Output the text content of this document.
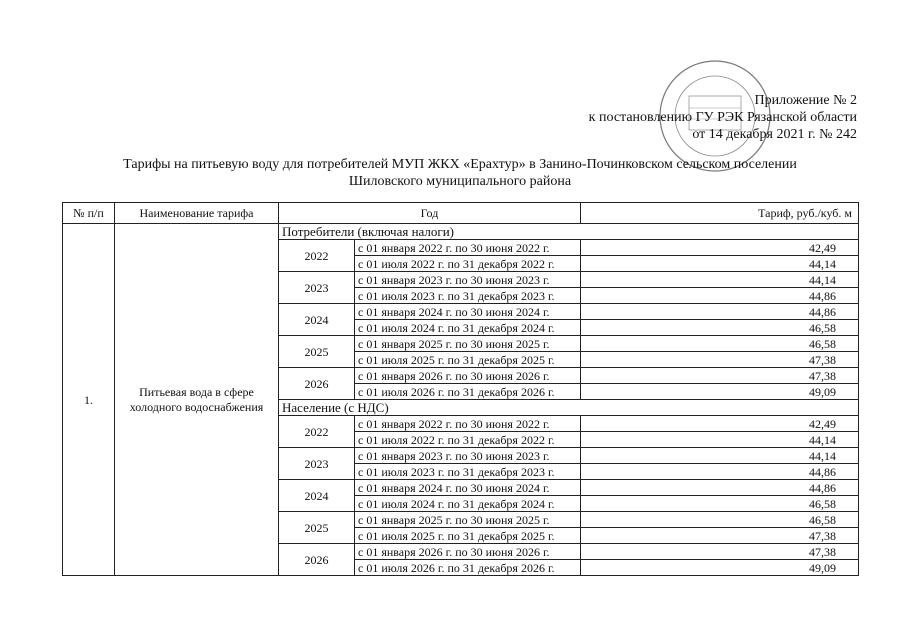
Приложение № 2
к постановлению ГУ РЭК Рязанской области
от 14 декабря 2021 г. № 242
Тарифы на питьевую воду для потребителей МУП ЖКХ «Ерахтур» в Занино-Починковском сельском поселении
Шиловского муниципального района
№ п/п	Наименование тарифа	Год		Тариф, руб./куб. м
1.	Питьевая вода в сфере холодного водоснабжения	Потребители (включая налоги)		
		2022	с 01 января 2022 г. по 30 июня 2022 г.	42,49
			с 01 июля 2022 г. по 31 декабря 2022 г.	44,14
		2023	с 01 января 2023 г. по 30 июня 2023 г.	44,14
			с 01 июля 2023 г. по 31 декабря 2023 г.	44,86
		2024	с 01 января 2024 г. по 30 июня 2024 г.	44,86
			с 01 июля 2024 г. по 31 декабря 2024 г.	46,58
		2025	с 01 января 2025 г. по 30 июня 2025 г.	46,58
			с 01 июля 2025 г. по 31 декабря 2025 г.	47,38
		2026	с 01 января 2026 г. по 30 июня 2026 г.	47,38
			с 01 июля 2026 г. по 31 декабря 2026 г.	49,09
		Население (с НДС)		
		2022	с 01 января 2022 г. по 30 июня 2022 г.	42,49
			с 01 июля 2022 г. по 31 декабря 2022 г.	44,14
		2023	с 01 января 2023 г. по 30 июня 2023 г.	44,14
			с 01 июля 2023 г. по 31 декабря 2023 г.	44,86
		2024	с 01 января 2024 г. по 30 июня 2024 г.	44,86
			с 01 июля 2024 г. по 31 декабря 2024 г.	46,58
		2025	с 01 января 2025 г. по 30 июня 2025 г.	46,58
			с 01 июля 2025 г. по 31 декабря 2025 г.	47,38
		2026	с 01 января 2026 г. по 30 июня 2026 г.	47,38
			с 01 июля 2026 г. по 31 декабря 2026 г.	49,09
